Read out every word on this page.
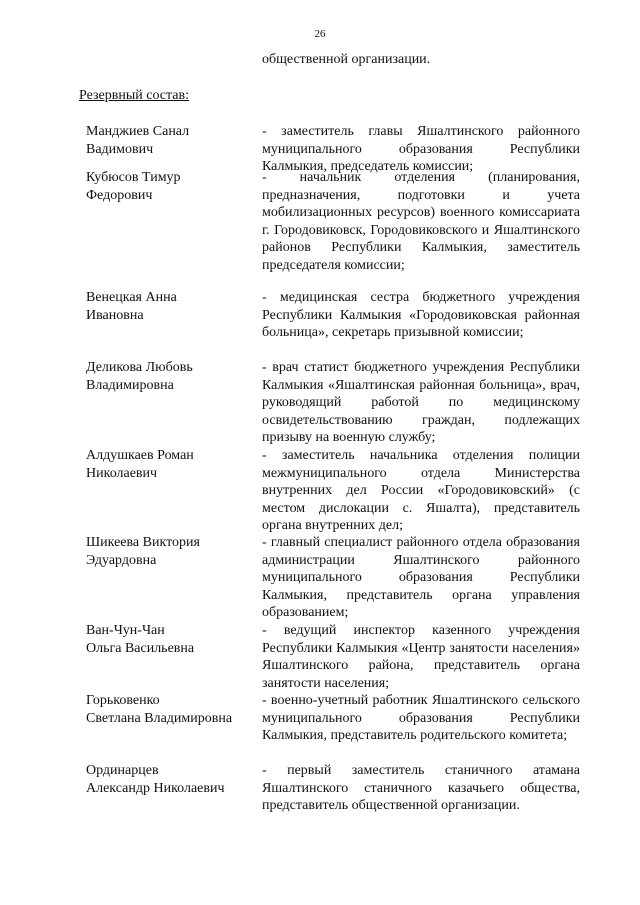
26
общественной организации.
Резервный состав:
Манджиев Санал
Вадимович
- заместитель главы Яшалтинского районного муниципального образования Республики Калмыкия, председатель комиссии;
Кубюсов Тимур
Федорович
- начальник отделения (планирования, предназначения, подготовки и учета мобилизационных ресурсов) военного комиссариата г. Городовиковск, Городовиковского и Яшалтинского районов Республики Калмыкия, заместитель председателя комиссии;
Венецкая Анна
Ивановна
- медицинская сестра бюджетного учреждения Республики Калмыкия «Городовиковская районная больница», секретарь призывной комиссии;
Деликова Любовь
Владимировна
- врач статист бюджетного учреждения Республики Калмыкия «Яшалтинская районная больница», врач, руководящий работой по медицинскому освидетельствованию граждан, подлежащих призыву на военную службу;
Алдушкаев Роман
Николаевич
- заместитель начальника отделения полиции межмуниципального отдела Министерства внутренних дел России «Городовиковский» (с местом дислокации с. Яшалта), представитель органа внутренних дел;
Шикеева Виктория
Эдуардовна
- главный специалист районного отдела образования администрации Яшалтинского районного муниципального образования Республики Калмыкия, представитель органа управления образованием;
Ван-Чун-Чан
Ольга Васильевна
- ведущий инспектор казенного учреждения Республики Калмыкия «Центр занятости населения» Яшалтинского района, представитель органа занятости населения;
Горьковенко
Светлана Владимировна
- военно-учетный работник Яшалтинского сельского муниципального образования Республики Калмыкия, представитель родительского комитета;
Ординарцев
Александр Николаевич
- первый заместитель станичного атамана Яшалтинского станичного казачьего общества, представитель общественной организации.
